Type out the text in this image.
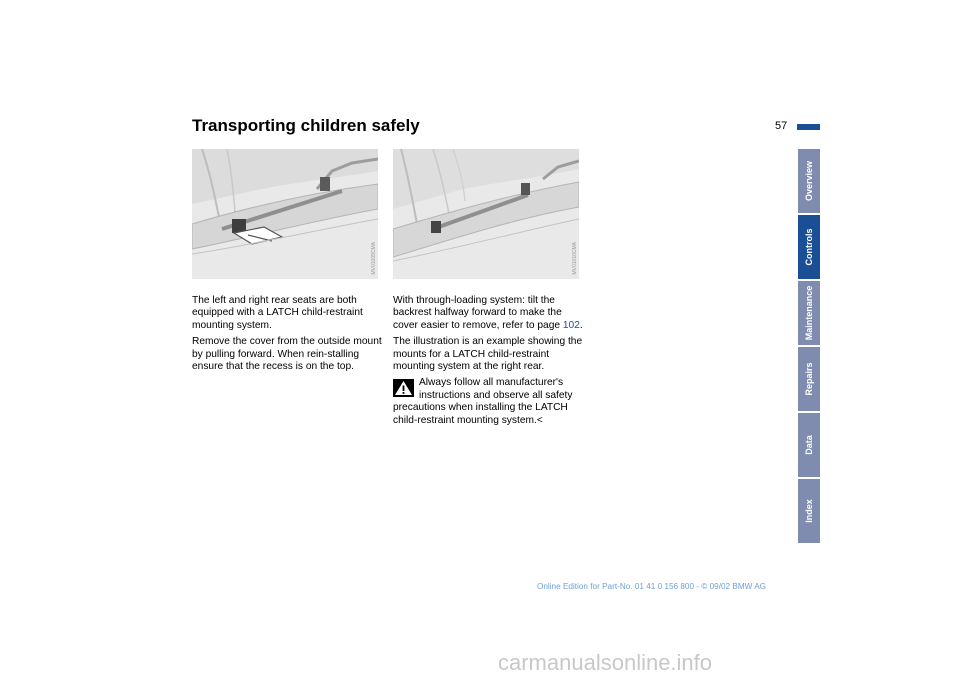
Transporting children safely	57
MV01009CMA	MV01010CMA

The left and right rear seats are both equipped with a LATCH child-restraint mounting system.

Remove the cover from the outside mount by pulling forward. When rein-stalling ensure that the recess is on the top.

With through-loading system: tilt the backrest halfway forward to make the cover easier to remove, refer to page 102.

The illustration is an example showing the mounts for a LATCH child-restraint mounting system at the right rear.

Always follow all manufacturer's
instructions and observe all safety
precautions when installing the LATCH child-restraint mounting system.<
Overview
Controls
Maintenance
Repairs
Data
Index
Online Edition for Part-No. 01 41 0 156 800 - © 09/02 BMW AG
carmanualsonline.info
